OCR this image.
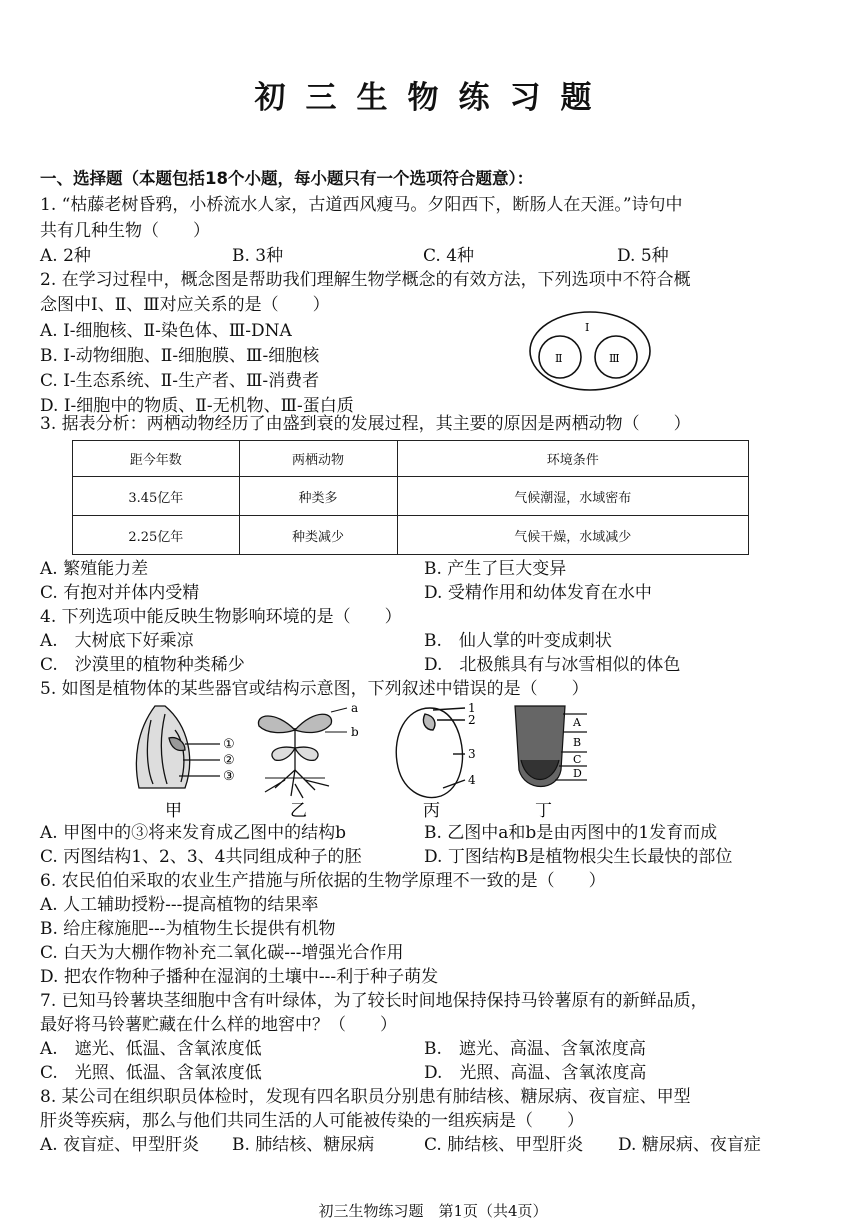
初三生物练习题
一、选择题（本题包括18个小题，每小题只有一个选项符合题意）：
1. “枯藤老树昏鸦，小桥流水人家，古道西风瘦马。夕阳西下，断肠人在天涯。”诗句中
共有几种生物（　　）
A. 2种	B. 3种	C. 4种	D. 5种
2. 在学习过程中，概念图是帮助我们理解生物学概念的有效方法，下列选项中不符合概
念图中Ⅰ、Ⅱ、Ⅲ对应关系的是（　　）
A. Ⅰ-细胞核、Ⅱ-染色体、Ⅲ-DNA
B. Ⅰ-动物细胞、Ⅱ-细胞膜、Ⅲ-细胞核
C. Ⅰ-生态系统、Ⅱ-生产者、Ⅲ-消费者
D. Ⅰ-细胞中的物质、Ⅱ-无机物、Ⅲ-蛋白质
Ⅰ
Ⅱ	Ⅲ
3. 据表分析：两栖动物经历了由盛到衰的发展过程，其主要的原因是两栖动物（　　）
距今年数	两栖动物	环境条件
3.45亿年	种类多	气候潮湿，水域密布
2.25亿年	种类减少	气候干燥，水域减少
A. 繁殖能力差	B. 产生了巨大变异
C. 有抱对并体内受精	D. 受精作用和幼体发育在水中
4. 下列选项中能反映生物影响环境的是（　　）
A.　大树底下好乘凉	B.　仙人掌的叶变成刺状
C.　沙漠里的植物种类稀少	D.　北极熊具有与冰雪相似的体色
5. 如图是植物体的某些器官或结构示意图，下列叙述中错误的是（　　）
①
②
③
a
b
1
2
3
4
A
B
C
D
甲	乙	丙	丁
A. 甲图中的③将来发育成乙图中的结构b	B. 乙图中a和b是由丙图中的1发育而成
C. 丙图结构1、2、3、4共同组成种子的胚	D. 丁图结构B是植物根尖生长最快的部位
6. 农民伯伯采取的农业生产措施与所依据的生物学原理不一致的是（　　）
A. 人工辅助授粉---提高植物的结果率
B. 给庄稼施肥---为植物生长提供有机物
C. 白天为大棚作物补充二氧化碳---增强光合作用
D. 把农作物种子播种在湿润的土壤中---利于种子萌发
7. 已知马铃薯块茎细胞中含有叶绿体，为了较长时间地保持保持马铃薯原有的新鲜品质，
最好将马铃薯贮藏在什么样的地窖中？（　　）
A.　遮光、低温、含氧浓度低	B.　遮光、高温、含氧浓度高
C.　光照、低温、含氧浓度低	D.　光照、高温、含氧浓度高
8. 某公司在组织职员体检时，发现有四名职员分别患有肺结核、糖尿病、夜盲症、甲型
肝炎等疾病，那么与他们共同生活的人可能被传染的一组疾病是（　　）
A. 夜盲症、甲型肝炎 B. 肺结核、糖尿病	C. 肺结核、甲型肝炎 D. 糖尿病、夜盲症
初三生物练习题　第1页（共4页）
